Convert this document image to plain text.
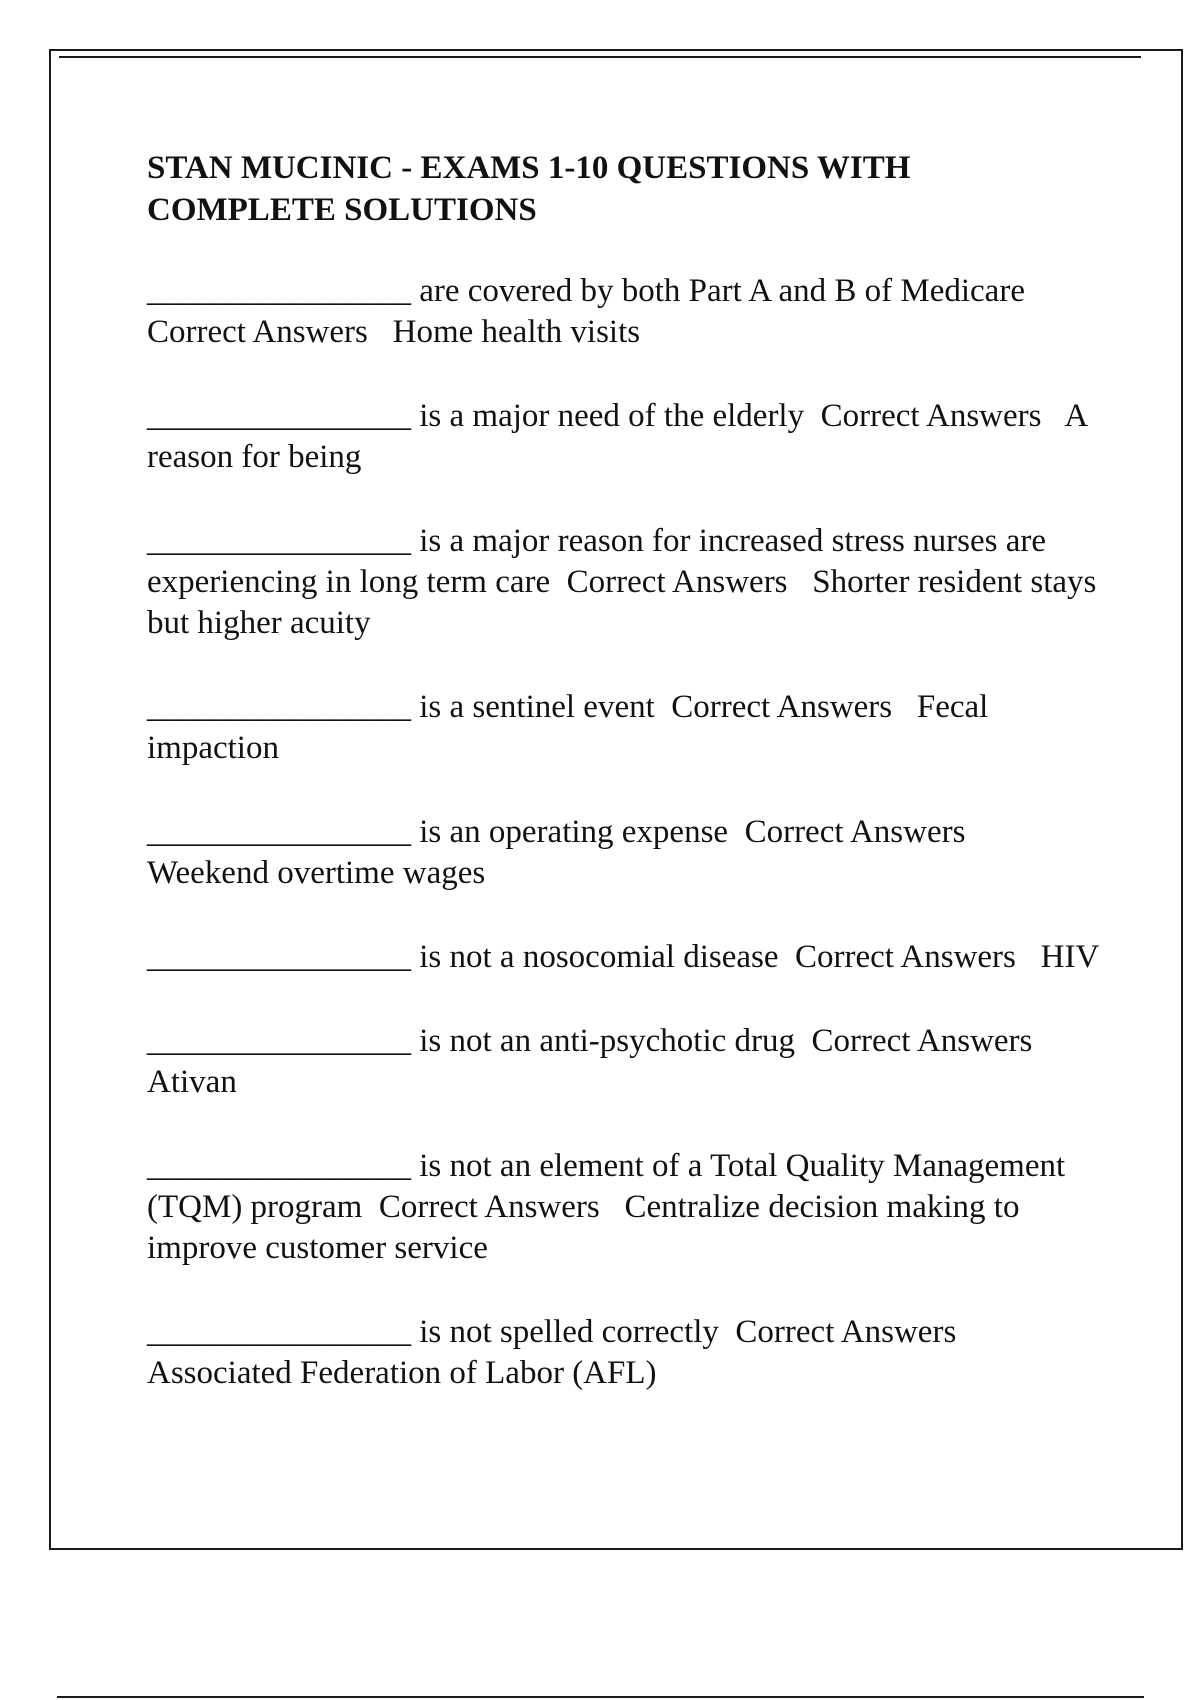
STAN MUCINIC - EXAMS 1-10 QUESTIONS WITH COMPLETE SOLUTIONS
________________ are covered by both Part A and B of Medicare  Correct Answers Home health visits
________________ is a major need of the elderly Correct Answers A reason for being
________________ is a major reason for increased stress nurses are experiencing in long term care Correct Answers Shorter resident stays but higher acuity
________________ is a sentinel event Correct Answers Fecal impaction
________________ is an operating expense Correct Answers   Weekend overtime wages
________________ is not a nosocomial disease Correct Answers HIV
________________ is not an anti-psychotic drug Correct Answers   Ativan
________________ is not an element of a Total Quality Management (TQM) program Correct Answers Centralize decision making to improve customer service
________________ is not spelled correctly Correct Answers   Associated Federation of Labor (AFL)
